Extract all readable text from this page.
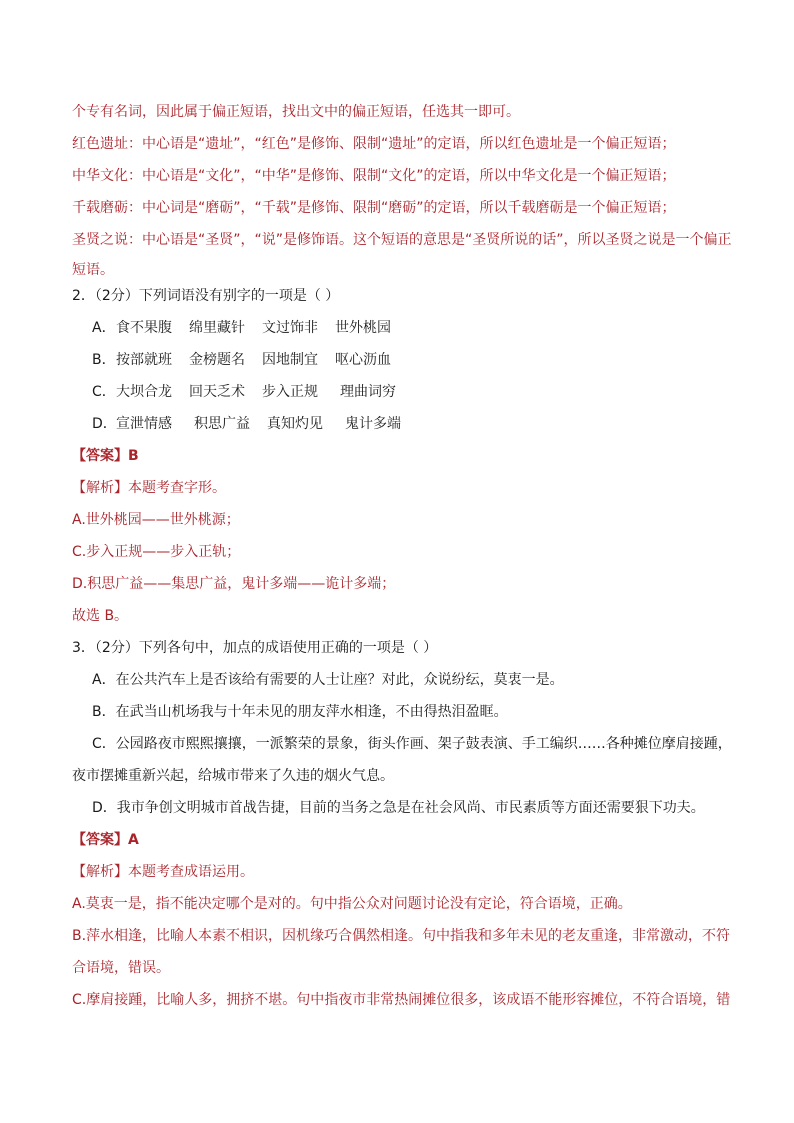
个专有名词，因此属于偏正短语，找出文中的偏正短语，任选其一即可。
红色遗址：中心语是“遗址”，“红色”是修饰、限制“遗址”的定语，所以红色遗址是一个偏正短语；
中华文化：中心语是“文化”，“中华”是修饰、限制“文化”的定语，所以中华文化是一个偏正短语；
千载磨砺：中心词是“磨砺”，“千载”是修饰、限制“磨砺”的定语，所以千载磨砺是一个偏正短语；
圣贤之说：中心语是“圣贤”，“说”是修饰语。这个短语的意思是“圣贤所说的话”，所以圣贤之说是一个偏正
短语。
2．（2分）下列词语没有别字的一项是（ ）
A．食不果腹 绵里藏针 文过饰非 世外桃园
B．按部就班 金榜题名 因地制宜 呕心沥血
C．大坝合龙 回天乏术 步入正规 理曲词穷
D．宣泄情感 积思广益 真知灼见 鬼计多端
【答案】B
【解析】本题考查字形。
A.世外桃园——世外桃源；
C.步入正规——步入正轨；
D.积思广益——集思广益，鬼计多端——诡计多端；
故选 B。
3．（2分）下列各句中，加点的成语使用正确的一项是（ ）
A．在公共汽车上是否该给有需要的人士让座？对此，众说纷纭，莫衷一是。
B．在武当山机场我与十年未见的朋友萍水相逢，不由得热泪盈眶。
C．公园路夜市熙熙攘攘，一派繁荣的景象，街头作画、架子鼓表演、手工编织……各种摊位摩肩接踵，
夜市摆摊重新兴起，给城市带来了久违的烟火气息。
D．我市争创文明城市首战告捷，目前的当务之急是在社会风尚、市民素质等方面还需要狠下功夫。
【答案】A
【解析】本题考查成语运用。
A.莫衷一是，指不能决定哪个是对的。句中指公众对问题讨论没有定论，符合语境，正确。
B.萍水相逢，比喻人本素不相识，因机缘巧合偶然相逢。句中指我和多年未见的老友重逢，非常激动，不符
合语境，错误。
C.摩肩接踵，比喻人多，拥挤不堪。句中指夜市非常热闹摊位很多，该成语不能形容摊位，不符合语境，错
